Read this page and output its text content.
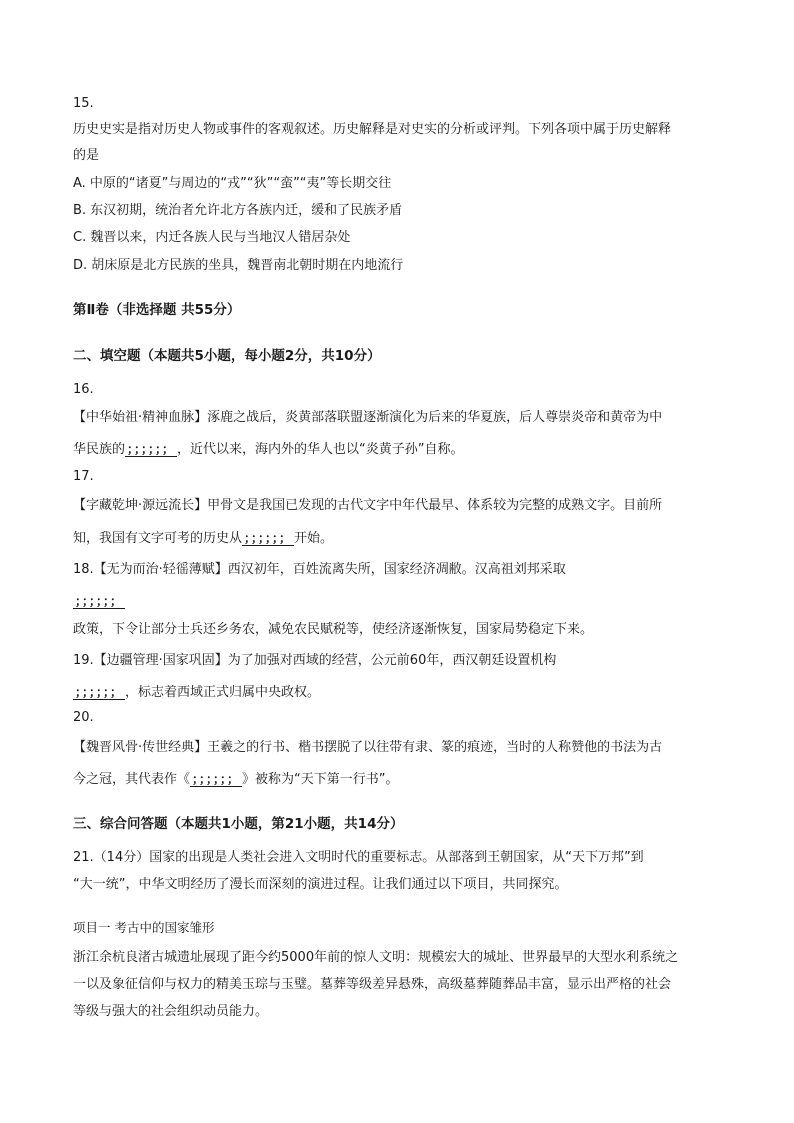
15.
历史史实是指对历史人物或事件的客观叙述。历史解释是对史实的分析或评判。下列各项中属于历史解释
的是
A. 中原的“诸夏”与周边的“戎”“狄”“蛮”“夷”等长期交往
B. 东汉初期，统治者允许北方各族内迁，缓和了民族矛盾
C. 魏晋以来，内迁各族人民与当地汉人错居杂处
D. 胡床原是北方民族的坐具，魏晋南北朝时期在内地流行
第Ⅱ卷（非选择题 共55分）
二、填空题（本题共5小题，每小题2分，共10分）
16.
【中华始祖·精神血脉】涿鹿之战后，炎黄部落联盟逐渐演化为后来的华夏族，后人尊崇炎帝和黄帝为中
华民族的 ；；；；；； ，近代以来，海内外的华人也以“炎黄子孙”自称。
17.
【字藏乾坤·源远流长】甲骨文是我国已发现的古代文字中年代最早、体系较为完整的成熟文字。目前所
知，我国有文字可考的历史从 ；；；；；； 开始。
18.【无为而治·轻徭薄赋】西汉初年，百姓流离失所，国家经济凋敝。汉高祖刘邦采取
；；；；；；
政策，下令让部分士兵还乡务农，减免农民赋税等，使经济逐渐恢复，国家局势稳定下来。
19.【边疆管理·国家巩固】为了加强对西域的经营，公元前60年，西汉朝廷设置机构
；；；；；； ，标志着西域正式归属中央政权。
20.
【魏晋风骨·传世经典】王羲之的行书、楷书摆脱了以往带有隶、篆的痕迹，当时的人称赞他的书法为古
今之冠，其代表作《 ；；；；；； 》被称为“天下第一行书”。
三、综合问答题（本题共1小题，第21小题，共14分）
21.（14分）国家的出现是人类社会进入文明时代的重要标志。从部落到王朝国家，从“天下万邦”到
“大一统”，中华文明经历了漫长而深刻的演进过程。让我们通过以下项目，共同探究。
项目一 考古中的国家雏形
浙江余杭良渚古城遗址展现了距今约5000年前的惊人文明：规模宏大的城址、世界最早的大型水利系统之
一以及象征信仰与权力的精美玉琮与玉璧。墓葬等级差异悬殊，高级墓葬随葬品丰富，显示出严格的社会
等级与强大的社会组织动员能力。
